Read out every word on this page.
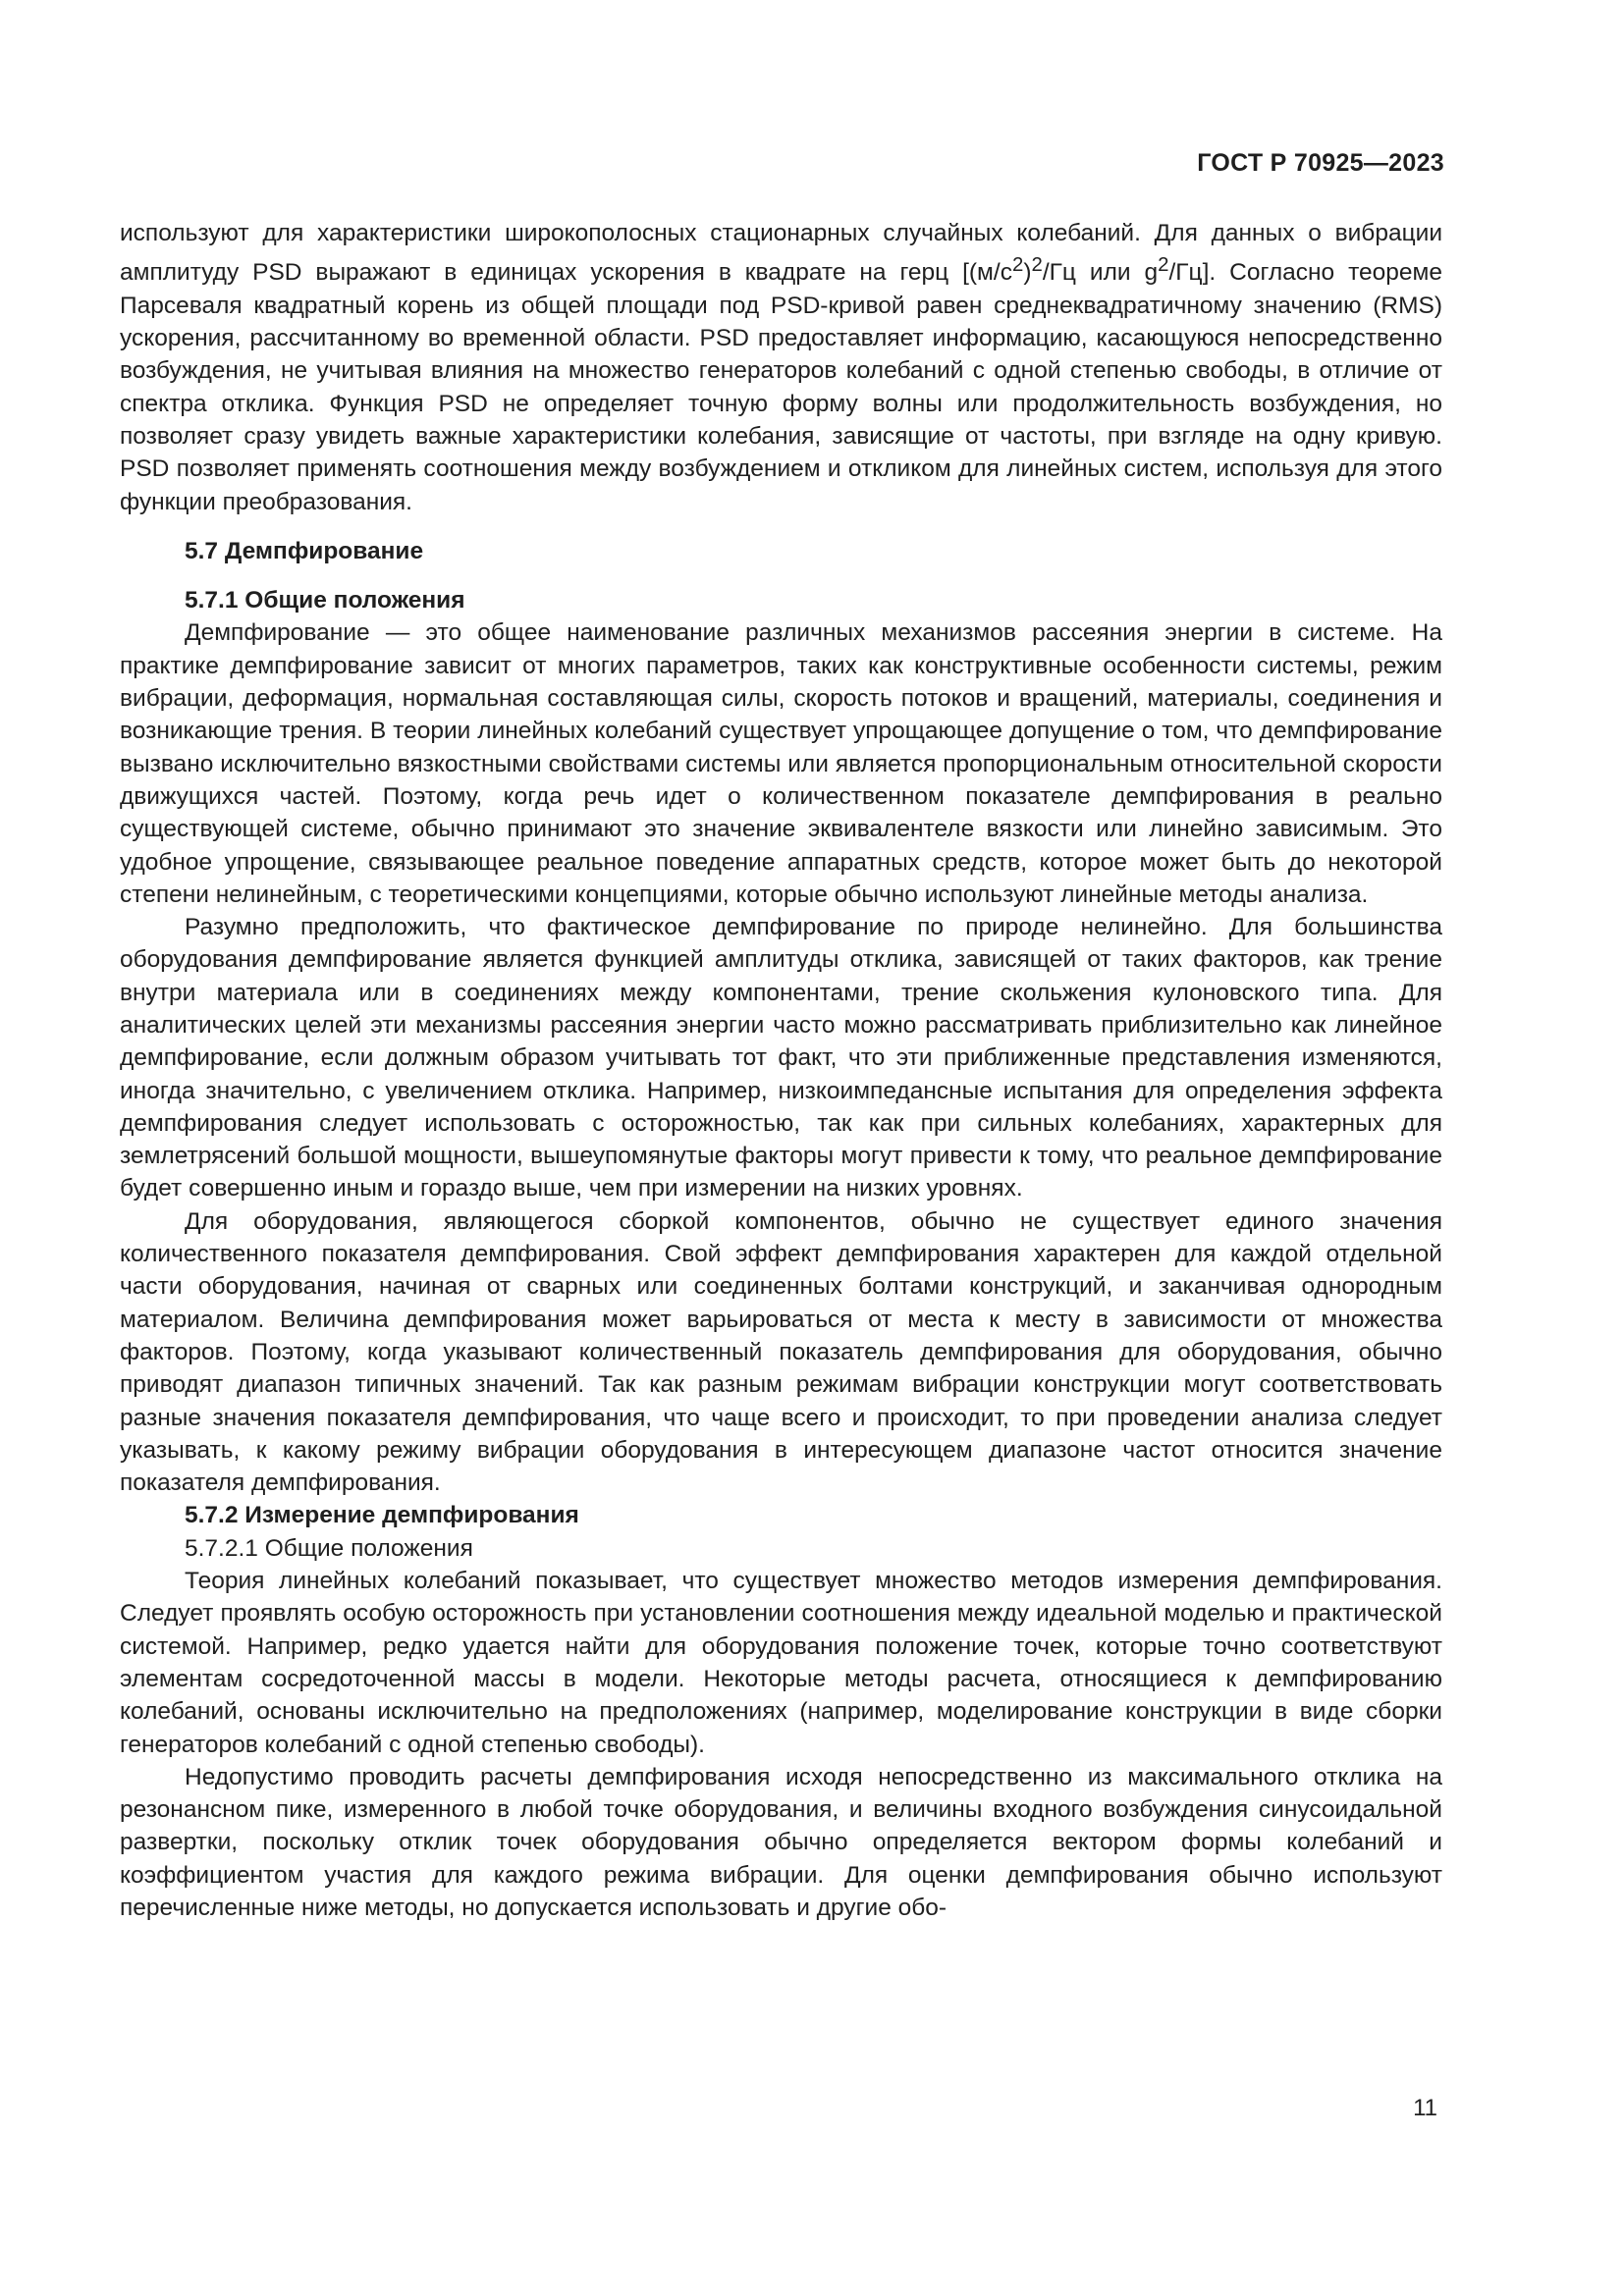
ГОСТ Р 70925—2023

используют для характеристики широкополосных стационарных случайных колебаний. Для данных о вибрации амплитуду PSD выражают в единицах ускорения в квадрате на герц [$(м/с^2)^2/Гц$ или $g^2/Гц$]. Согласно теореме Парсеваля квадратный корень из общей площади под PSD-кривой равен среднеквадратичному значению (RMS) ускорения, рассчитанному во временной области. PSD предоставляет информацию, касающуюся непосредственно возбуждения, не учитывая влияния на множество генераторов колебаний с одной степенью свободы, в отличие от спектра отклика. Функция PSD не определяет точную форму волны или продолжительность возбуждения, но позволяет сразу увидеть важные характеристики колебания, зависящие от частоты, при взгляде на одну кривую. PSD позволяет применять соотношения между возбуждением и откликом для линейных систем, используя для этого функции преобразования.

5.7 Демпфирование
5.7.1 Общие положения

Демпфирование — это общее наименование различных механизмов рассеяния энергии в системе. На практике демпфирование зависит от многих параметров, таких как конструктивные особенности системы, режим вибрации, деформация, нормальная составляющая силы, скорость потоков и вращений, материалы, соединения и возникающие трения. В теории линейных колебаний существует упрощающее допущение о том, что демпфирование вызвано исключительно вязкостными свойствами системы или является пропорциональным относительной скорости движущихся частей. Поэтому, когда речь идет о количественном показателе демпфирования в реально существующей системе, обычно принимают это значение эквивалентеле вязкости или линейно зависимым. Это удобное упрощение, связывающее реальное поведение аппаратных средств, которое может быть до некоторой степени нелинейным, с теоретическими концепциями, которые обычно используют линейные методы анализа.

Разумно предположить, что фактическое демпфирование по природе нелинейно. Для большинства оборудования демпфирование является функцией амплитуды отклика, зависящей от таких факторов, как трение внутри материала или в соединениях между компонентами, трение скольжения кулоновского типа. Для аналитических целей эти механизмы рассеяния энергии часто можно рассматривать приблизительно как линейное демпфирование, если должным образом учитывать тот факт, что эти приближенные представления изменяются, иногда значительно, с увеличением отклика. Например, низкоимпедансные испытания для определения эффекта демпфирования следует использовать с осторожностью, так как при сильных колебаниях, характерных для землетрясений большой мощности, вышеупомянутые факторы могут привести к тому, что реальное демпфирование будет совершенно иным и гораздо выше, чем при измерении на низких уровнях.

Для оборудования, являющегося сборкой компонентов, обычно не существует единого значения количественного показателя демпфирования. Свой эффект демпфирования характерен для каждой отдельной части оборудования, начиная от сварных или соединенных болтами конструкций, и заканчивая однородным материалом. Величина демпфирования может варьироваться от места к месту в зависимости от множества факторов. Поэтому, когда указывают количественный показатель демпфирования для оборудования, обычно приводят диапазон типичных значений. Так как разным режимам вибрации конструкции могут соответствовать разные значения показателя демпфирования, что чаще всего и происходит, то при проведении анализа следует указывать, к какому режиму вибрации оборудования в интересующем диапазоне частот относится значение показателя демпфирования.

5.7.2 Измерение демпфирования
5.7.2.1 Общие положения

Теория линейных колебаний показывает, что существует множество методов измерения демпфирования. Следует проявлять особую осторожность при установлении соотношения между идеальной моделью и практической системой. Например, редко удается найти для оборудования положение точек, которые точно соответствуют элементам сосредоточенной массы в модели. Некоторые методы расчета, относящиеся к демпфированию колебаний, основаны исключительно на предположениях (например, моделирование конструкции в виде сборки генераторов колебаний с одной степенью свободы).

Недопустимо проводить расчеты демпфирования исходя непосредственно из максимального отклика на резонансном пике, измеренного в любой точке оборудования, и величины входного возбуждения синусоидальной развертки, поскольку отклик точек оборудования обычно определяется вектором формы колебаний и коэффициентом участия для каждого режима вибрации. Для оценки демпфирования обычно используют перечисленные ниже методы, но допускается использовать и другие обо-

11
